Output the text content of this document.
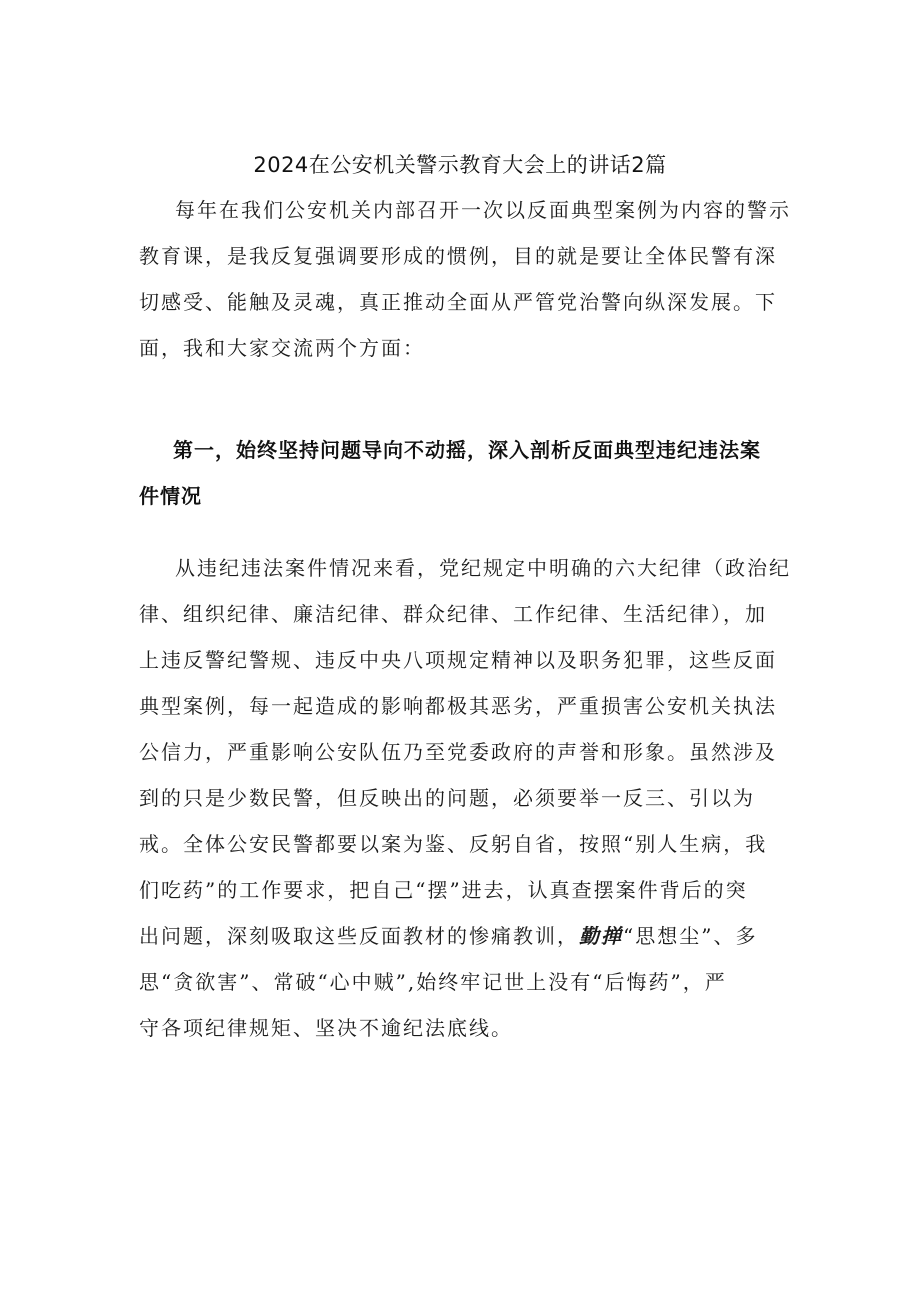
2024在公安机关警示教育大会上的讲话2篇

每年在我们公安机关内部召开一次以反面典型案例为内容的警示
教育课，是我反复强调要形成的惯例，目的就是要让全体民警有深
切感受、能触及灵魂，真正推动全面从严管党治警向纵深发展。下
面，我和大家交流两个方面：

第一，始终坚持问题导向不动摇，深入剖析反面典型违纪违法案
件情况

从违纪违法案件情况来看，党纪规定中明确的六大纪律（政治纪
律、组织纪律、廉洁纪律、群众纪律、工作纪律、生活纪律），加
上违反警纪警规、违反中央八项规定精神以及职务犯罪，这些反面
典型案例，每一起造成的影响都极其恶劣，严重损害公安机关执法
公信力，严重影响公安队伍乃至党委政府的声誉和形象。虽然涉及
到的只是少数民警，但反映出的问题，必须要举一反三、引以为
戒。全体公安民警都要以案为鉴、反躬自省，按照“别人生病，我
们吃药”的工作要求，把自己“摆”进去，认真查摆案件背后的突
出问题，深刻吸取这些反面教材的惨痛教训，勤掸“思想尘”、多
思“贪欲害”、常破“心中贼”,始终牢记世上没有“后悔药”，严
守各项纪律规矩、坚决不逾纪法底线。
